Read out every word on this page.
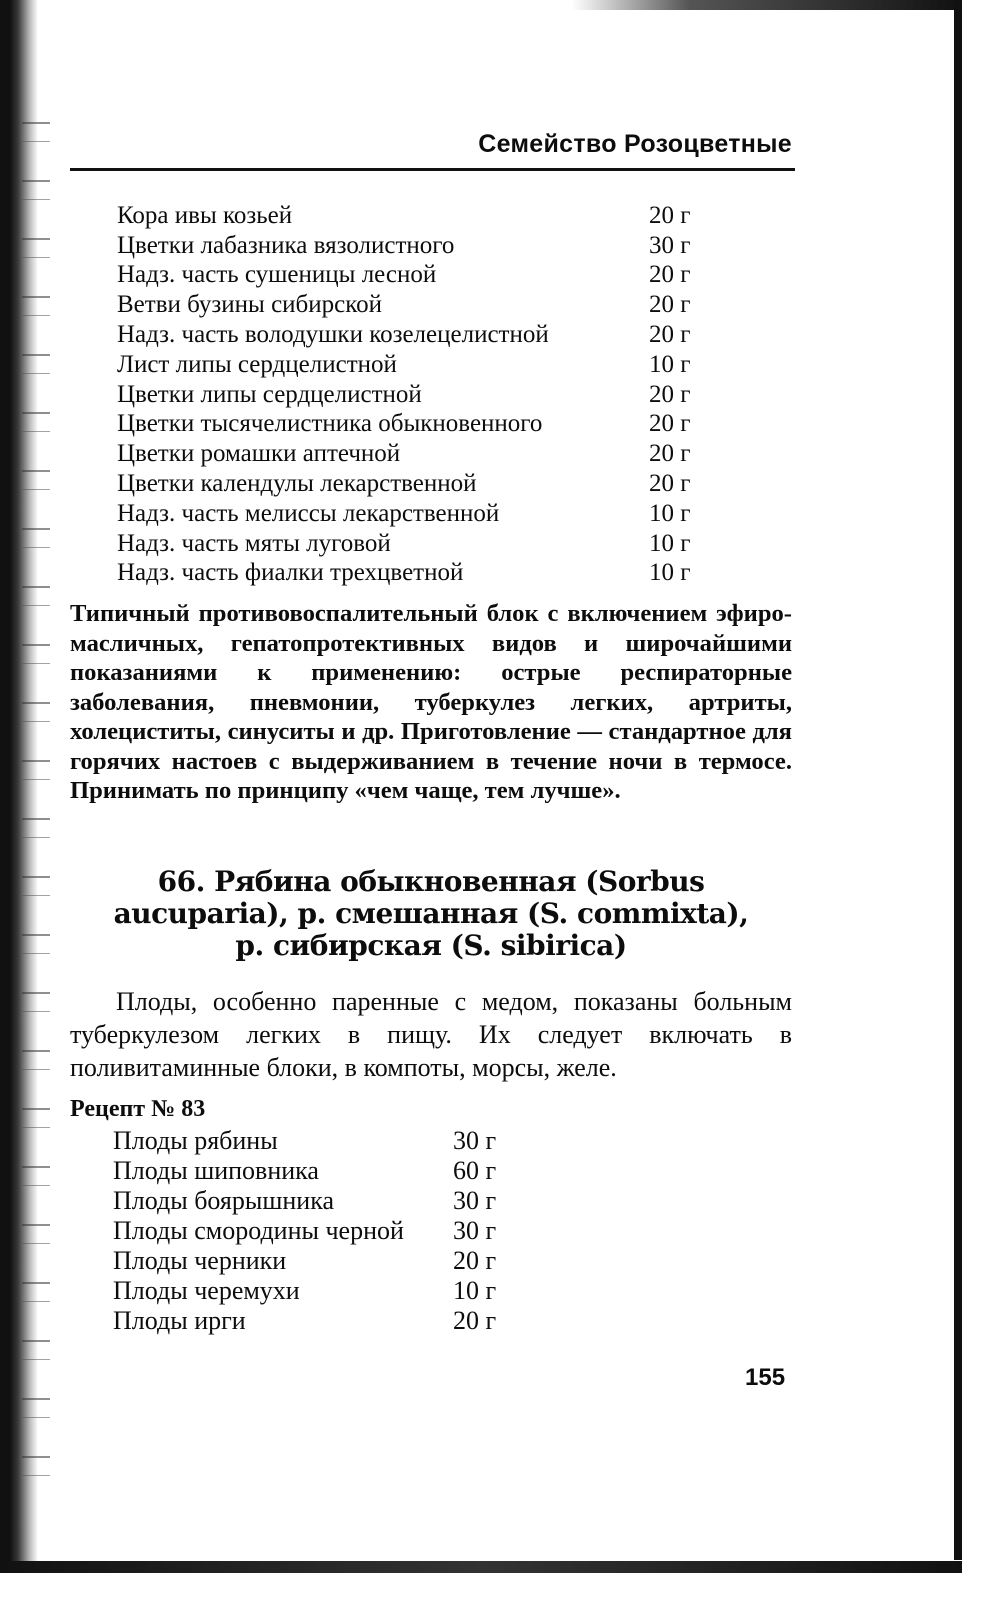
Семейство Розоцветные
Кора ивы козьей	20 г
Цветки лабазника вязолистного	30 г
Надз. часть сушеницы лесной	20 г
Ветви бузины сибирской	20 г
Надз. часть володушки козелецелистной	20 г
Лист липы сердцелистной	10 г
Цветки липы сердцелистной	20 г
Цветки тысячелистника обыкновенного	20 г
Цветки ромашки аптечной	20 г
Цветки календулы лекарственной	20 г
Надз. часть мелиссы лекарственной	10 г
Надз. часть мяты луговой	10 г
Надз. часть фиалки трехцветной	10 г

Типичный противовоспалительный блок с включением эфиро-масличных, гепатопротективных видов и широчайшими показаниями к применению: острые респираторные заболевания, пневмонии, туберкулез легких, артриты, холециститы, синуситы и др. Приготовление — стандартное для горячих настоев с выдерживанием в течение ночи в термосе. Принимать по принципу «чем чаще, тем лучше».

66. Рябина обыкновенная (Sorbus
aucuparia), р. смешанная (S. commixta),
р. сибирская (S. sibirica)

Плоды, особенно паренные с медом, показаны больным туберкулезом легких в пищу. Их следует включать в поливитаминные блоки, в компоты, морсы, желе.

Рецепт № 83
Плоды рябины	30 г
Плоды шиповника	60 г
Плоды боярышника	30 г
Плоды смородины черной	30 г
Плоды черники	20 г
Плоды черемухи	10 г
Плоды ирги	20 г
155
